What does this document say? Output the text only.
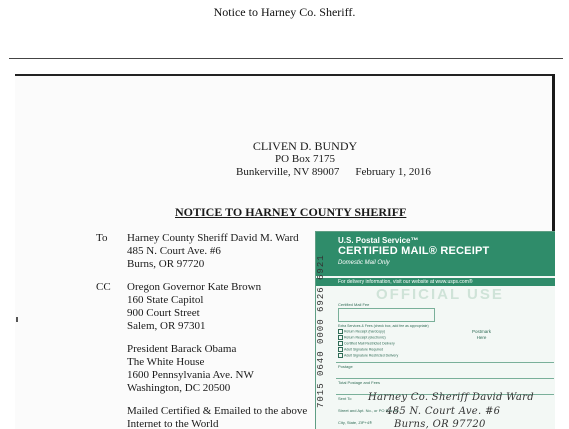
Notice to Harney Co. Sheriff.
CLIVEN D. BUNDY
PO Box 7175
Bunkerville, NV 89007 February 1, 2016
NOTICE TO HARNEY COUNTY SHERIFF
To Harney County Sheriff David M. Ward
485 N. Court Ave. #6
Burns, OR 97720
CC Oregon Governor Kate Brown
160 State Capitol
900 Court Street
Salem, OR 97301
President Barack Obama
The White House
1600 Pennsylvania Ave. NW
Washington, DC 20500
Mailed Certified & Emailed to the above
Internet to the World
U.S. Postal Service™
CERTIFIED MAIL® RECEIPT
Domestic Mail Only
For delivery information, visit our website at www.usps.com®
7015 0640 0000 6926 6921	OFFICIAL USE
Certified Mail Fee
Extra Services & Fees (check box, add fee as appropriate)
Return Receipt (hardcopy)
Return Receipt (electronic)
Certified Mail Restricted Delivery
Adult Signature Required
Adult Signature Restricted Delivery
Postmark
Here
Postage
Total Postage and Fees
Sent To Harney Co. Sheriff David Ward
Street and Apt. No., or PO Box No.
485 N. Court Ave. #6
City, State, ZIP+4® Burns, OR 97720
